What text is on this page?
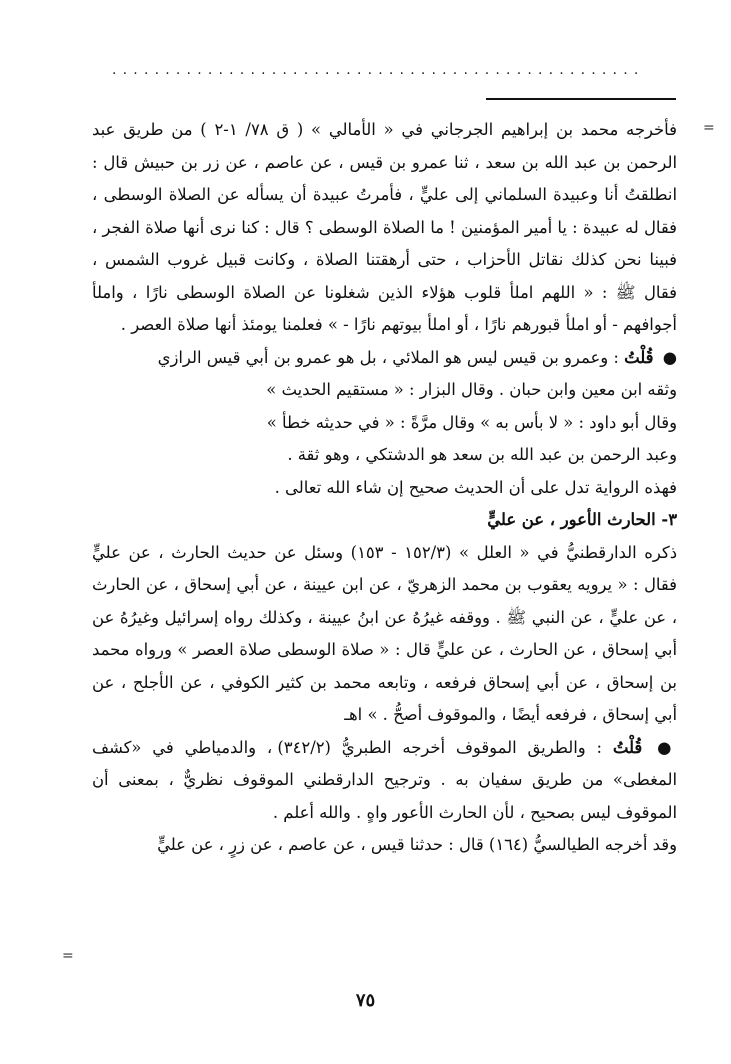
..................................................
=

فأخرجه محمد بن إبراهيم الجرجاني في « الأمالي » ( ق ٧٨/ ١-٢ ) من طريق عبد الرحمن بن عبد الله بن سعد ، ثنا عمرو بن قيس ، عن عاصم ، عن زر بن حبيش قال : انطلقتُ أنا وعبيدة السلماني إلى عليٍّ ، فأمرتُ عبيدة أن يسأله عن الصلاة الوسطى ، فقال له عبيدة : يا أمير المؤمنين ! ما الصلاة الوسطى ؟ قال : كنا نرى أنها صلاة الفجر ، فبينا نحن كذلك نقاتل الأحزاب ، حتى أرهقتنا الصلاة ، وكانت قبيل غروب الشمس ، فقال ﷺ : « اللهم املأ قلوب هؤلاء الذين شغلونا عن الصلاة الوسطى نارًا ، واملأ أجوافهم - أو املأ قبورهم نارًا ، أو املأ بيوتهم نارًا - » فعلمنا يومئذ أنها صلاة العصر .

● قُلْتُ : وعمرو بن قيس ليس هو الملائي ، بل هو عمرو بن أبي قيس الرازي

وثقه ابن معين وابن حبان . وقال البزار : « مستقيم الحديث »

وقال أبو داود : « لا بأس به » وقال مرَّةً : « في حديثه خطأ »

وعبد الرحمن بن عبد الله بن سعد هو الدشتكي ، وهو ثقة .

فهذه الرواية تدل على أن الحديث صحيح إن شاء الله تعالى .

٣- الحارث الأعور ، عن عليٍّ

ذكره الدارقطنيُّ في « العلل » (١٥٢/٣ - ١٥٣) وسئل عن حديث الحارث ، عن عليٍّ فقال : « يرويه يعقوب بن محمد الزهريّ ، عن ابن عيينة ، عن أبي إسحاق ، عن الحارث ، عن عليٍّ ، عن النبي ﷺ . ووقفه غيرُهُ عن ابنُ عيينة ، وكذلك رواه إسرائيل وغيرُهُ عن أبي إسحاق ، عن الحارث ، عن عليٍّ قال : « صلاة الوسطى صلاة العصر » ورواه محمد بن إسحاق ، عن أبي إسحاق فرفعه ، وتابعه محمد بن كثير الكوفي ، عن الأجلح ، عن أبي إسحاق ، فرفعه أيضًا ، والموقوف أصحُّ . » اهـ

● قُلْتُ : والطريق الموقوف أخرجه الطبريُّ (٣٤٢/٢) ، والدمياطي في «كشف المغطى» من طريق سفيان به . وترجيح الدارقطني الموقوف نظريٌّ ، بمعنى أن الموقوف ليس بصحيح ، لأن الحارث الأعور واهٍ . والله أعلم .

وقد أخرجه الطيالسيُّ (١٦٤) قال : حدثنا قيس ، عن عاصم ، عن زرٍ ، عن عليٍّ

=
٧٥
